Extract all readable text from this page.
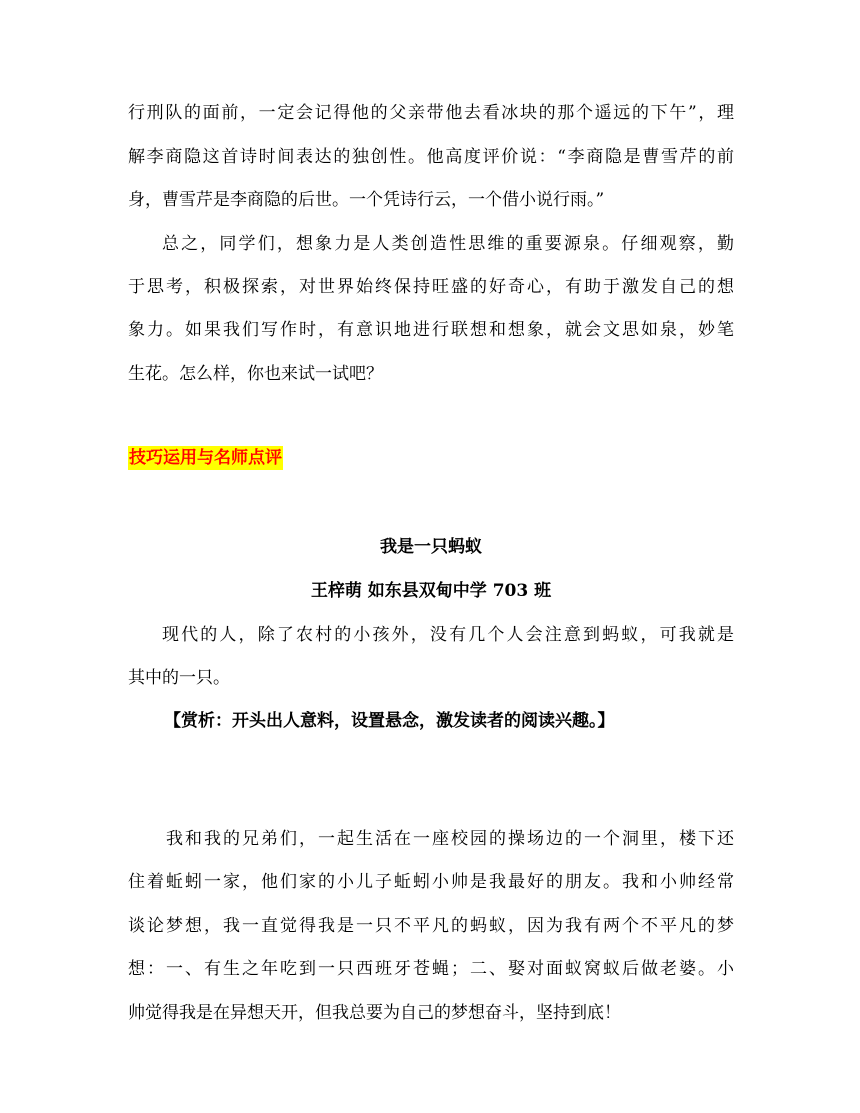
行刑队的面前，一定会记得他的父亲带他去看冰块的那个遥远的下午”，理
解李商隐这首诗时间表达的独创性。他高度评价说：“李商隐是曹雪芹的前
身，曹雪芹是李商隐的后世。一个凭诗行云，一个借小说行雨。”
总之，同学们，想象力是人类创造性思维的重要源泉。仔细观察，勤
于思考，积极探索，对世界始终保持旺盛的好奇心，有助于激发自己的想
象力。如果我们写作时，有意识地进行联想和想象，就会文思如泉，妙笔
生花。怎么样，你也来试一试吧？
技巧运用与名师点评
我是一只蚂蚁
王梓萌 如东县双甸中学 703 班
现代的人，除了农村的小孩外，没有几个人会注意到蚂蚁，可我就是
其中的一只。
【赏析：开头出人意料，设置悬念，激发读者的阅读兴趣。】
我和我的兄弟们，一起生活在一座校园的操场边的一个洞里，楼下还
住着蚯蚓一家，他们家的小儿子蚯蚓小帅是我最好的朋友。我和小帅经常
谈论梦想，我一直觉得我是一只不平凡的蚂蚁，因为我有两个不平凡的梦
想：一、有生之年吃到一只西班牙苍蝇；二、娶对面蚁窝蚁后做老婆。小
帅觉得我是在异想天开，但我总要为自己的梦想奋斗，坚持到底！
